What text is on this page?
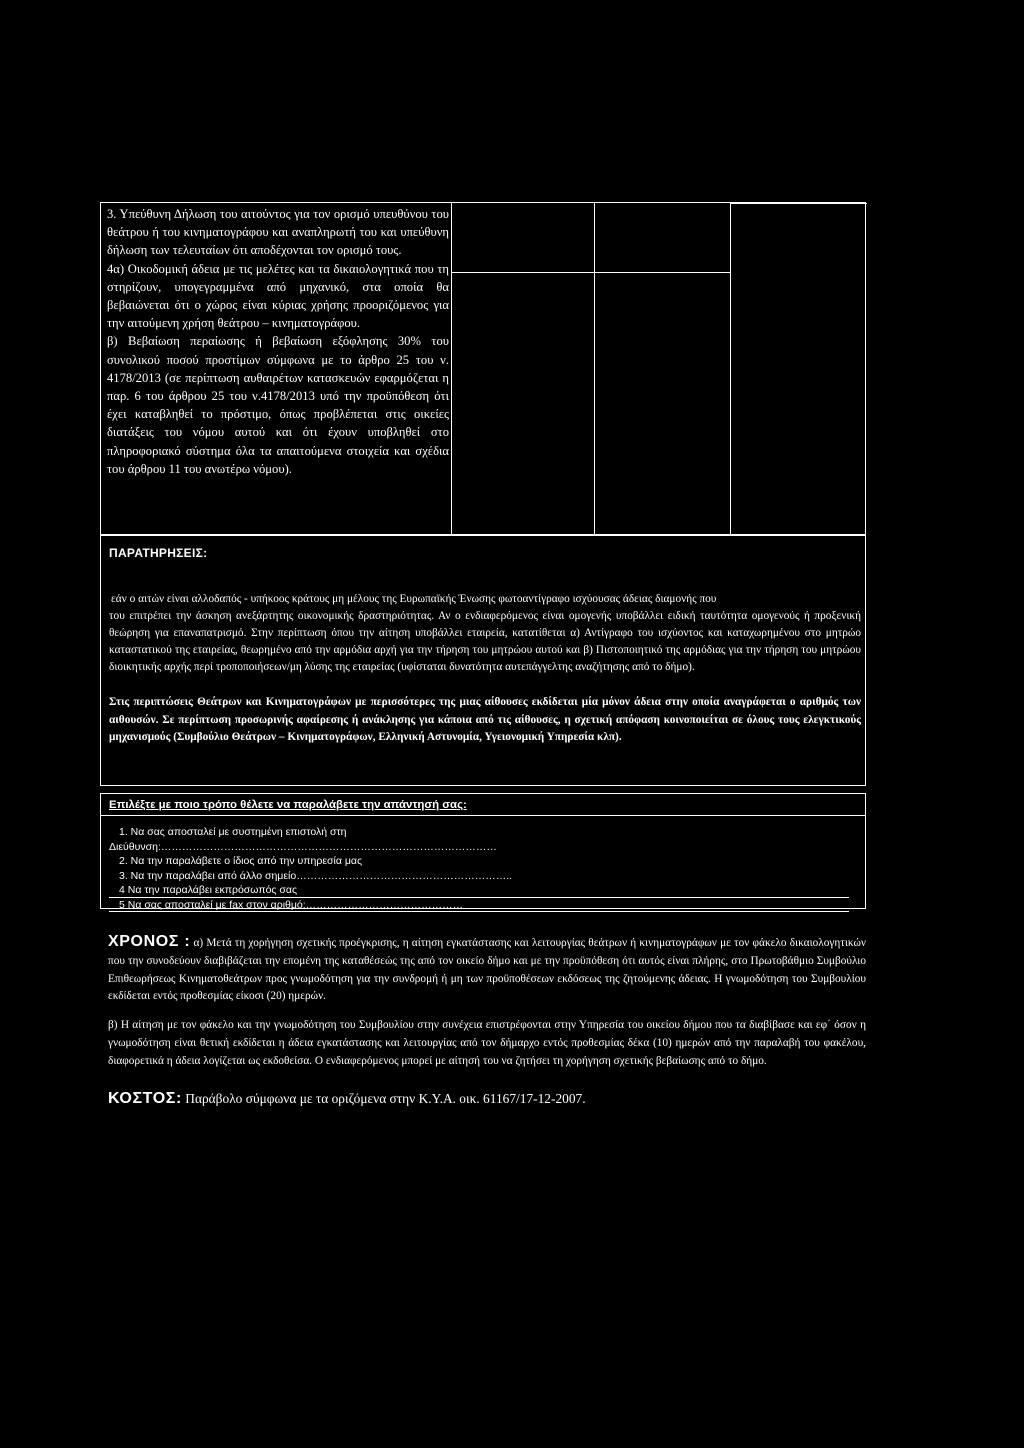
3. Υπεύθυνη Δήλωση του αιτούντος για τον ορισμό υπευθύνου του θεάτρου ή του κινηματογράφου και αναπληρωτή του και υπεύθυνη δήλωση των τελευταίων ότι αποδέχονται τον ορισμό τους.

4α) Οικοδομική άδεια με τις μελέτες και τα δικαιολογητικά που τη στηρίζουν, υπογεγραμμένα από μηχανικό, στα οποία θα βεβαιώνεται ότι ο χώρος είναι κύριας χρήσης προοριζόμενος για την αιτούμενη χρήση θεάτρου – κινηματογράφου.

β) Βεβαίωση περαίωσης ή βεβαίωση εξόφλησης 30% του συνολικού ποσού προστίμων σύμφωνα με το άρθρο 25 του ν. 4178/2013 (σε περίπτωση αυθαιρέτων κατασκευών εφαρμόζεται η παρ. 6 του άρθρου 25 του ν.4178/2013 υπό την προϋπόθεση ότι έχει καταβληθεί το πρόστιμο, όπως προβλέπεται στις οικείες διατάξεις του νόμου αυτού και ότι έχουν υποβληθεί στο πληροφοριακό σύστημα όλα τα απαιτούμενα στοιχεία και σχέδια του άρθρου 11 του ανωτέρω νόμου).

ΠΑΡΑΤΗΡΗΣΕΙΣ:
εάν ο αιτών είναι αλλοδαπός - υπήκοος κράτους μη μέλους της Ευρωπαϊκής Ένωσης φωτοαντίγραφο ισχύουσας άδειας διαμονής που
του επιτρέπει την άσκηση ανεξάρτητης οικονομικής δραστηριότητας. Αν ο ενδιαφερόμενος είναι ομογενής υποβάλλει ειδική ταυτότητα ομογενούς ή προξενική θεώρηση για επαναπατρισμό. Στην περίπτωση όπου την αίτηση υποβάλλει εταιρεία, κατατίθεται α) Αντίγραφο του ισχύοντος και καταχωρημένου στο μητρώο καταστατικού της εταιρείας, θεωρημένο από την αρμόδια αρχή για την τήρηση του μητρώου αυτού και β) Πιστοποιητικό της αρμόδιας για την τήρηση του μητρώου διοικητικής αρχής περί τροποποιήσεων/μη λύσης της εταιρείας (υφίσταται δυνατότητα αυτεπάγγελτης αναζήτησης από το δήμο).
Στις περιπτώσεις Θεάτρων και Κινηματογράφων με περισσότερες της μιας αίθουσες εκδίδεται μία μόνον άδεια στην οποία αναγράφεται ο αριθμός των αιθουσών. Σε περίπτωση προσωρινής αφαίρεσης ή ανάκλησης για κάποια από τις αίθουσες, η σχετική απόφαση κοινοποιείται σε όλους τους ελεγκτικούς μηχανισμούς (Συμβούλιο Θεάτρων – Κινηματογράφων, Ελληνική Αστυνομία, Υγειονομική Υπηρεσία κλπ).
Επιλέξτε με ποιο τρόπο θέλετε να παραλάβετε την απάντησή σας:
1. Να σας αποσταλεί με συστημένη επιστολή στη
Διεύθυνση:……………………………………………………………………………………
2. Να την παραλάβετε ο ίδιος από την υπηρεσία μας
3. Να την παραλάβει από άλλο σημείο……………………………………………………..
4 Να την παραλάβει εκπρόσωπός σας
5 Να σας αποσταλεί με fax στον αριθμό:………………………………………

ΧΡΟΝΟΣ : α) Μετά τη χορήγηση σχετικής προέγκρισης, η αίτηση εγκατάστασης και λειτουργίας θεάτρων ή κινηματογράφων με τον φάκελο δικαιολογητικών που την συνοδεύουν διαβιβάζεται την επομένη της καταθέσεώς της από τον οικείο δήμο και με την προϋπόθεση ότι αυτός είναι πλήρης, στο Πρωτοβάθμιο Συμβούλιο Επιθεωρήσεως Κινηματοθεάτρων προς γνωμοδότηση για την συνδρομή ή μη των προϋποθέσεων εκδόσεως της ζητούμενης άδειας. Η γνωμοδότηση του Συμβουλίου εκδίδεται εντός προθεσμίας είκοσι (20) ημερών.

β) Η αίτηση με τον φάκελο και την γνωμοδότηση του Συμβουλίου στην συνέχεια επιστρέφονται στην Υπηρεσία του οικείου δήμου που τα διαβίβασε και εφ΄ όσον η γνωμοδότηση είναι θετική εκδίδεται η άδεια εγκατάστασης και λειτουργίας από τον δήμαρχο εντός προθεσμίας δέκα (10) ημερών από την παραλαβή του φακέλου, διαφορετικά η άδεια λογίζεται ως εκδοθείσα. Ο ενδιαφερόμενος μπορεί με αίτησή του να ζητήσει τη χορήγηση σχετικής βεβαίωσης από το δήμο.

ΚΟΣΤΟΣ: Παράβολο σύμφωνα με τα οριζόμενα στην Κ.Υ.Α. οικ. 61167/17-12-2007.
